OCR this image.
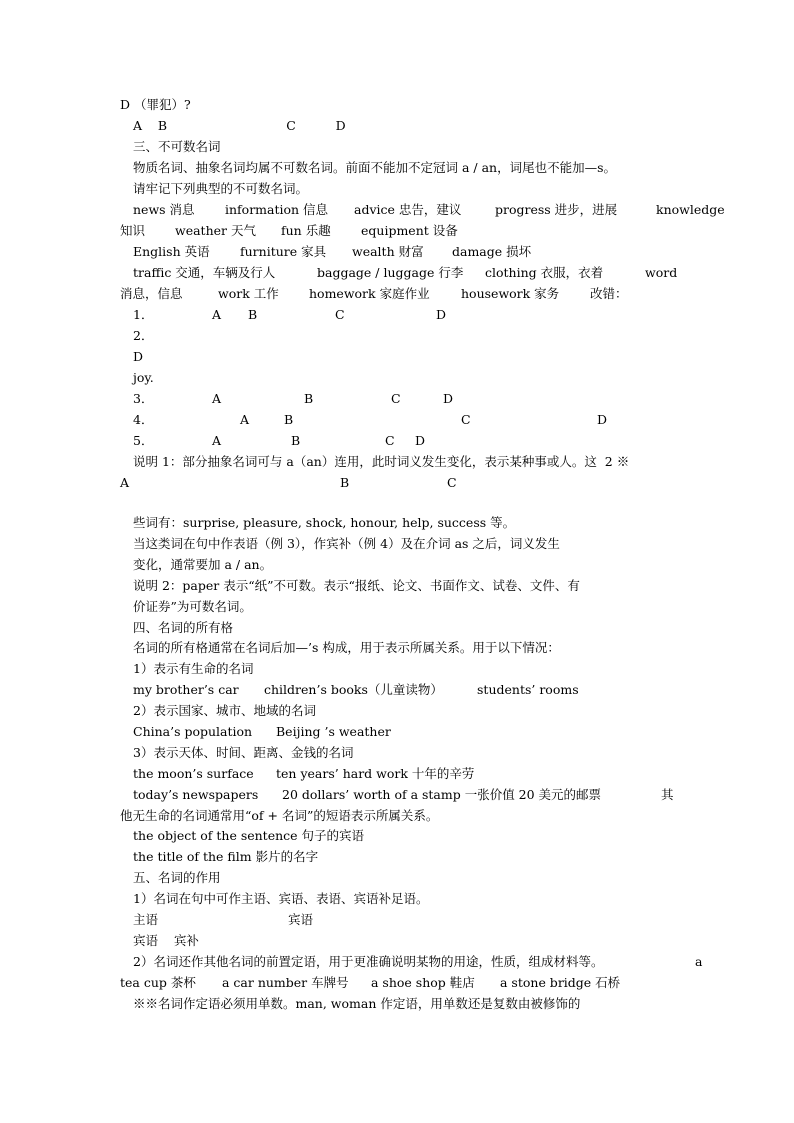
D （罪犯）?
A    B                              C          D
三、不可数名词
物质名词、抽象名词均属不可数名词。前面不能加不定冠词 a / an，词尾也不能加—s。
请牢记下列典型的不可数名词。
news 消息 information 信息 advice 忠告，建议	progress 进步，进展	knowledge
知识 weather 天气 fun 乐趣 equipment 设备
English 英语 furniture 家具 wealth 财富 damage 损坏
traffic 交通，车辆及行人	baggage / luggage 行李 clothing 衣服，衣着	word
消息，信息	work 工作 homework 家庭作业	housework 家务 改错：
1．	A B	C	D
2．
D
joy.
3．	A	B	C	D
4．	A	B	C	D
5．	A	B	C D
说明 1：部分抽象名词可与 a（an）连用，此时词义发生变化，表示某种事或人。这  2 ※
A	B	C
些词有：surprise, pleasure, shock, honour, help, success 等。
当这类词在句中作表语（例 3），作宾补（例 4）及在介词 as 之后，词义发生
变化，通常要加 a / an。
说明 2：paper 表示“纸”不可数。表示“报纸、论文、书面作文、试卷、文件、有
价证券”为可数名词。
四、名词的所有格
名词的所有格通常在名词后加—’s 构成，用于表示所属关系。用于以下情况：
1）表示有生命的名词
my brother’s car children’s books（儿童读物）	students’ rooms
2）表示国家、城市、地域的名词
China’s population Beijing ’s weather
3）表示天体、时间、距离、金钱的名词
the moon’s surface ten years’ hard work 十年的辛劳
today’s newspapers 20 dollars’ worth of a stamp 一张价值 20 美元的邮票	其
他无生命的名词通常用“of + 名词”的短语表示所属关系。
the object of the sentence 句子的宾语
the title of the film 影片的名字
五、名词的作用
1）名词在句中可作主语、宾语、表语、宾语补足语。
主语	宾语
宾语    宾补
2）名词还作其他名词的前置定语，用于更准确说明某物的用途，性质，组成材料等。	a
tea cup 茶杯 a car number 车牌号 a shoe shop 鞋店 a stone bridge 石桥
※※名词作定语必须用单数。man, woman 作定语，用单数还是复数由被修饰的
